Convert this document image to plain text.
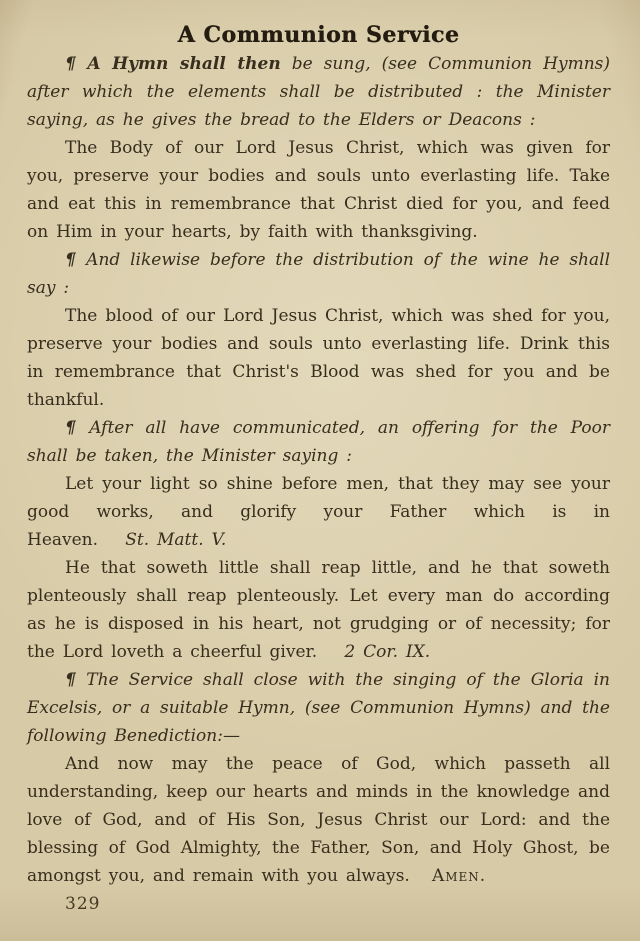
A Communion Service

¶ A Hymn shall then be sung, (see Communion Hymns) after which the elements shall be distributed : the Minister saying, as he gives the bread to the Elders or Deacons :

The Body of our Lord Jesus Christ, which was given for you, preserve your bodies and souls unto everlasting life. Take and eat this in remembrance that Christ died for you, and feed on Him in your hearts, by faith with thanksgiving.

¶ And likewise before the distribution of the wine he shall say :

The blood of our Lord Jesus Christ, which was shed for you, preserve your bodies and souls unto everlasting life. Drink this in remembrance that Christ's Blood was shed for you and be thankful.

¶ After all have communicated, an offering for the Poor shall be taken, the Minister saying :

Let your light so shine before men, that they may see your good works, and glorify your Father which is in Heaven. St. Matt. V.

He that soweth little shall reap little, and he that soweth plenteously shall reap plenteously. Let every man do according as he is disposed in his heart, not grudging or of necessity; for the Lord loveth a cheerful giver. 2 Cor. IX.

¶ The Service shall close with the singing of the Gloria in Excelsis, or a suitable Hymn, (see Communion Hymns) and the following Benediction:—

And now may the peace of God, which passeth all understanding, keep our hearts and minds in the knowledge and love of God, and of His Son, Jesus Christ our Lord: and the blessing of God Almighty, the Father, Son, and Holy Ghost, be amongst you, and remain with you always. Amen.

329
